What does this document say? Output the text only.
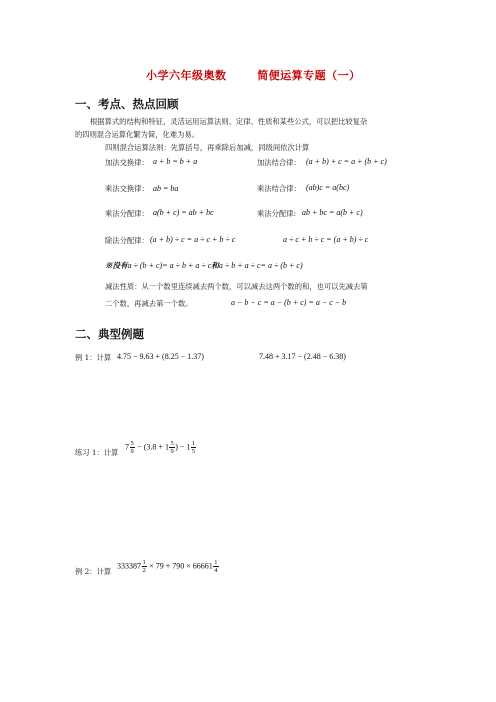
小学六年级奥数	简便运算专题（一）
一、考点、热点回顾
根据算式的结构和特征，灵活运用运算法则、定律、性质和某些公式，可以把比较复杂
的四则混合运算化繁为简，化难为易。
四则混合运算法则：先算括号，再乘除后加减，同级间依次计算
加法交换律： a + b = b + a	加法结合律： (a + b) + c = a + (b + c)
乘法交换律： ab = ba	乘法结合律： (ab)c = a(bc)
乘法分配律： a(b + c) = ab + bc	乘法分配律: ab + bc = a(b + c)
除法分配律： (a + b) ÷ c = a ÷ c + b ÷ c	a ÷ c + b ÷ c = (a + b) ÷ c
※没有a ÷ (b + c)= a ÷ b + a ÷ c和a ÷ b + a ÷ c= a ÷ (b + c)
减法性质：从一个数里连续减去两个数，可以减去这两个数的和，也可以先减去第
二个数，再减去第一个数。	a − b − c = a − (b + c) = a − c − b
二、典型例题
例 1：计算 4.75 − 9.63 + (8.25 − 1.37)	7.48 + 3.17 − (2.48 − 6.38)
练习 1：计算
$7 \frac{5}{9} - (3.8 + 1 \frac{5}{9}$ ) − $1 \frac{1}{5}$
例 2：计算
$333387 \frac{1}{2} \times 79 + 790 \times 66661 \frac{1}{4}$
